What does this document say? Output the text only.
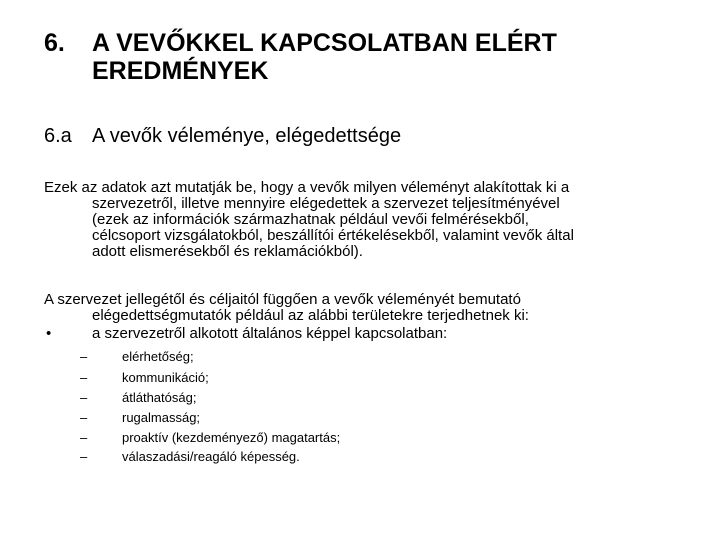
6. A VEVŐKKEL KAPCSOLATBAN ELÉRT
EREDMÉNYEK
6.a A vevők véleménye, elégedettsége
Ezek az adatok azt mutatják be, hogy a vevők milyen véleményt alakítottak ki a
szervezetről, illetve mennyire elégedettek a szervezet teljesítményével
(ezek az információk származhatnak például vevői felmérésekből,
célcsoport vizsgálatokból, beszállítói értékelésekből, valamint vevők által
adott elismerésekből és reklamációkból).
A szervezet jellegétől és céljaitól függően a vevők véleményét bemutató
elégedettségmutatók például az alábbi területekre terjedhetnek ki:
•	a szervezetről alkotott általános képpel kapcsolatban:
–	elérhetőség;
–	kommunikáció;
–	átláthatóság;
–	rugalmasság;
–	proaktív (kezdeményező) magatartás;
–	válaszadási/reagáló képesség.
